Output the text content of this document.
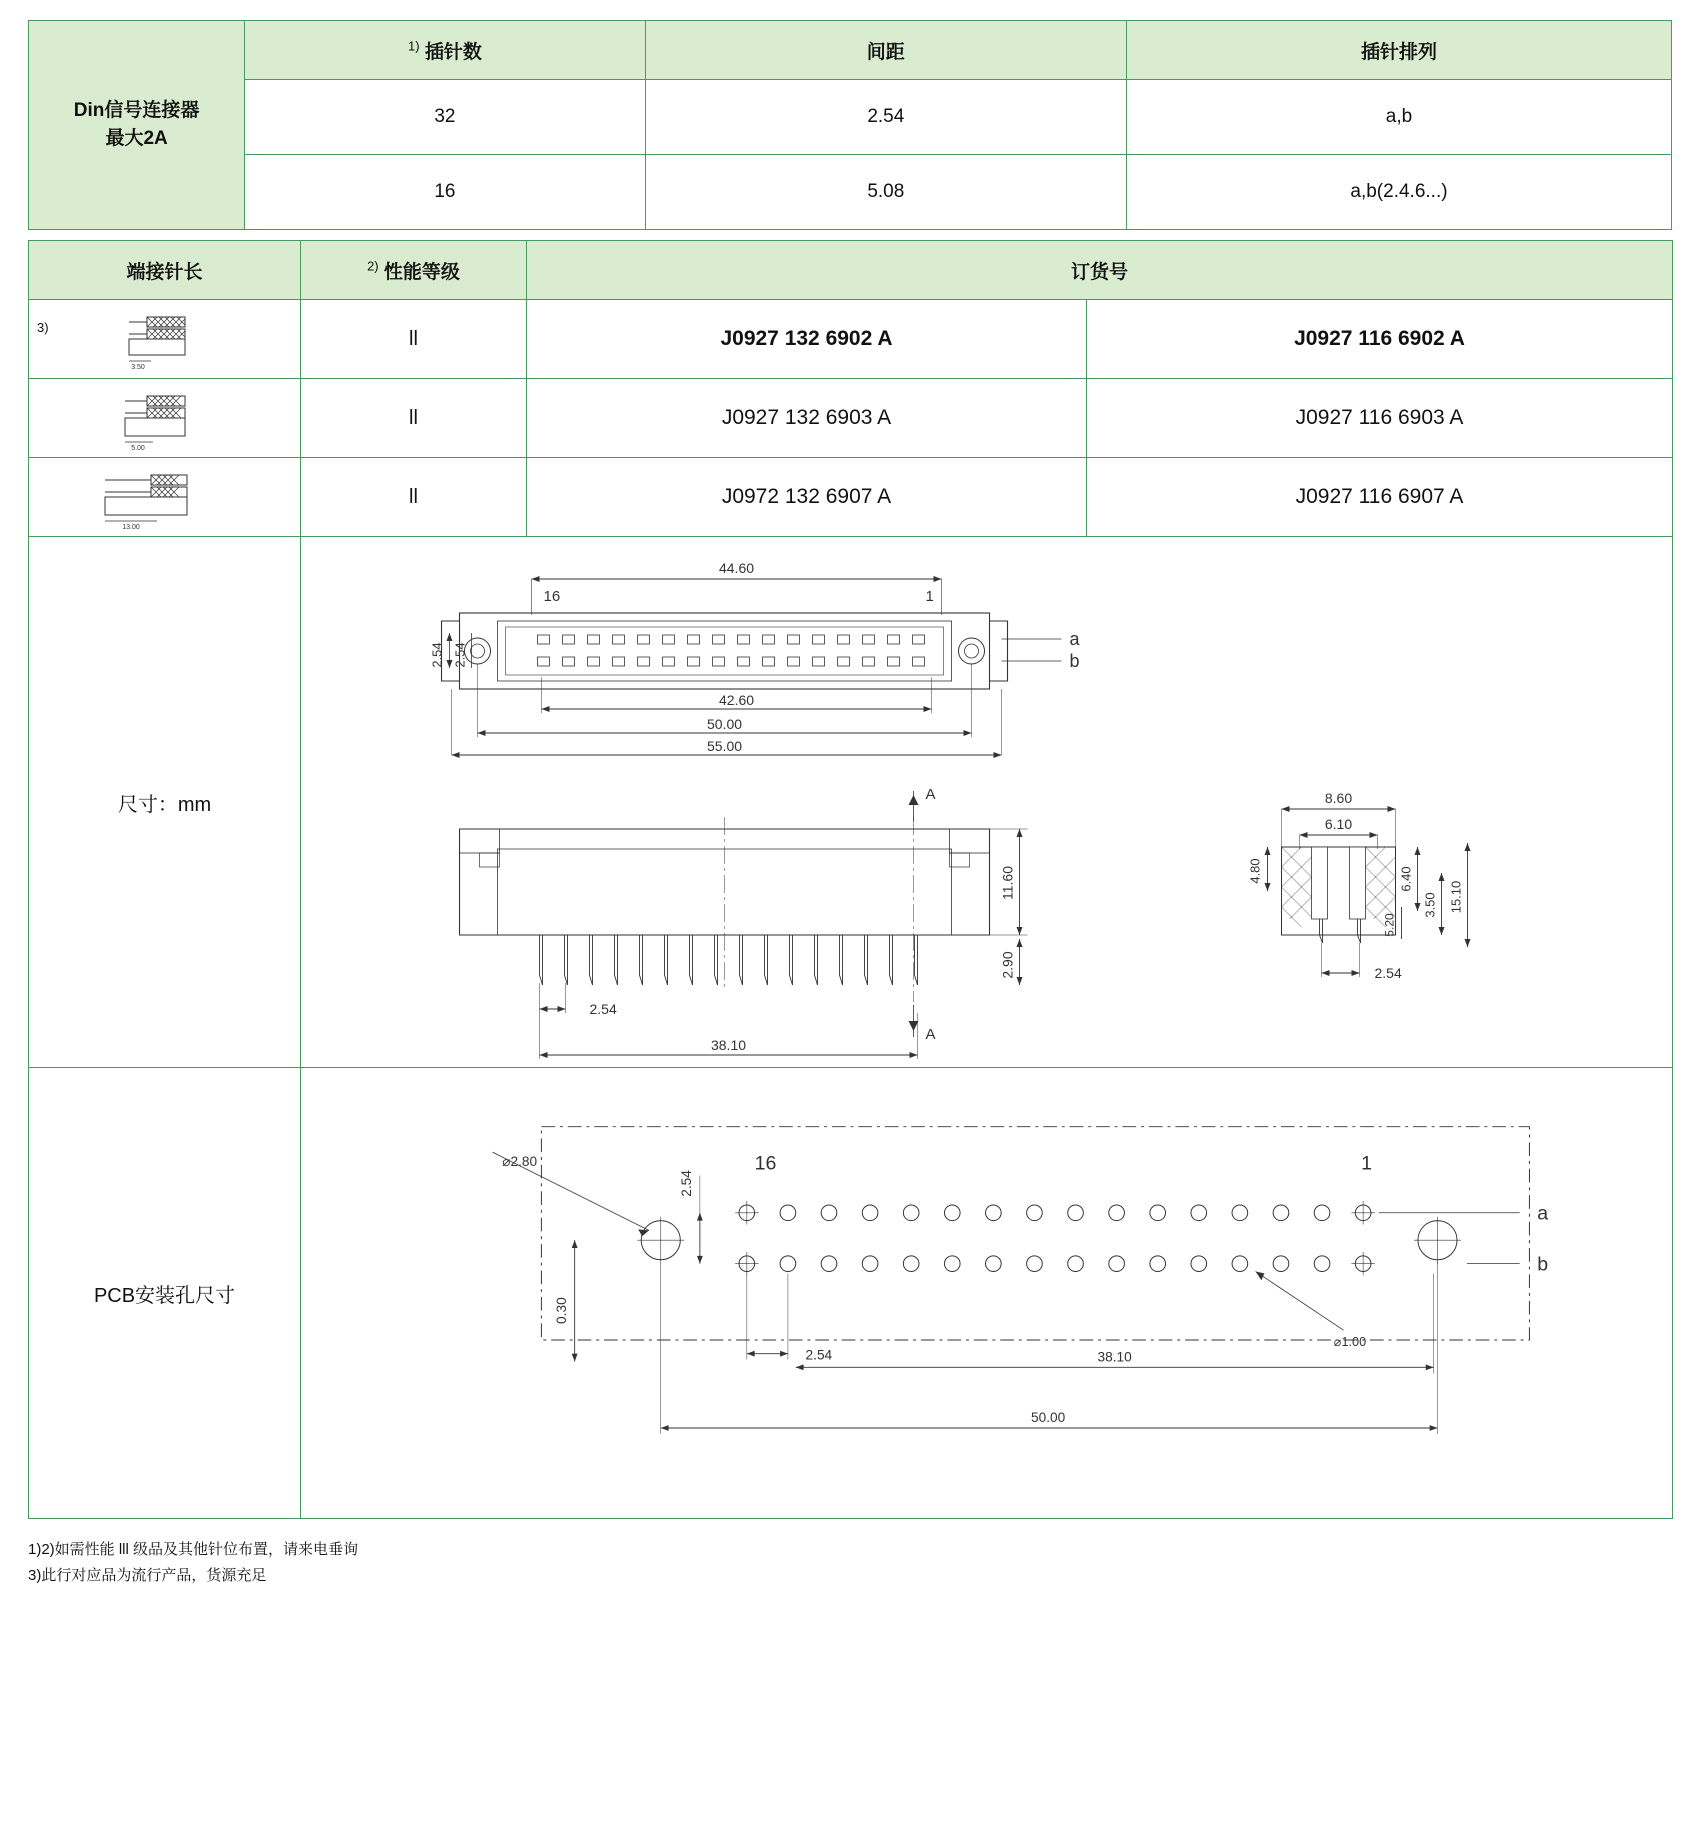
Din信号连接器
最大2A	$^{1)}$ 插针数	间距	插针排列
	32	2.54	a,b
	16	5.08	a,b(2.4.6...)
端接针长	$^{2)}$ 性能等级	订货号	

3)
3.50	ll	J0927 132 6902 A	J0927 116 6902 A

5.00	ll	J0927 132 6903 A	J0927 116 6903 A

13.00	ll	J0972 132 6907 A	J0927 116 6907 A
尺寸：mm	
44.60
16	1
a
b
2.54 2.54
42.60
50.00
55.00
A
11.60
2.90
2.54
A
38.10
8.60
6.10
4.80	6.40
3.50
5.20
15.10
2.54

PCB安装孔尺寸	
⌀2.80	16	1
a
b
2.54
0.30
⌀1.00
2.54	38.10
50.00
1)2)如需性能 lll 级品及其他针位布置，请来电垂询
3)此行对应品为流行产品，货源充足
